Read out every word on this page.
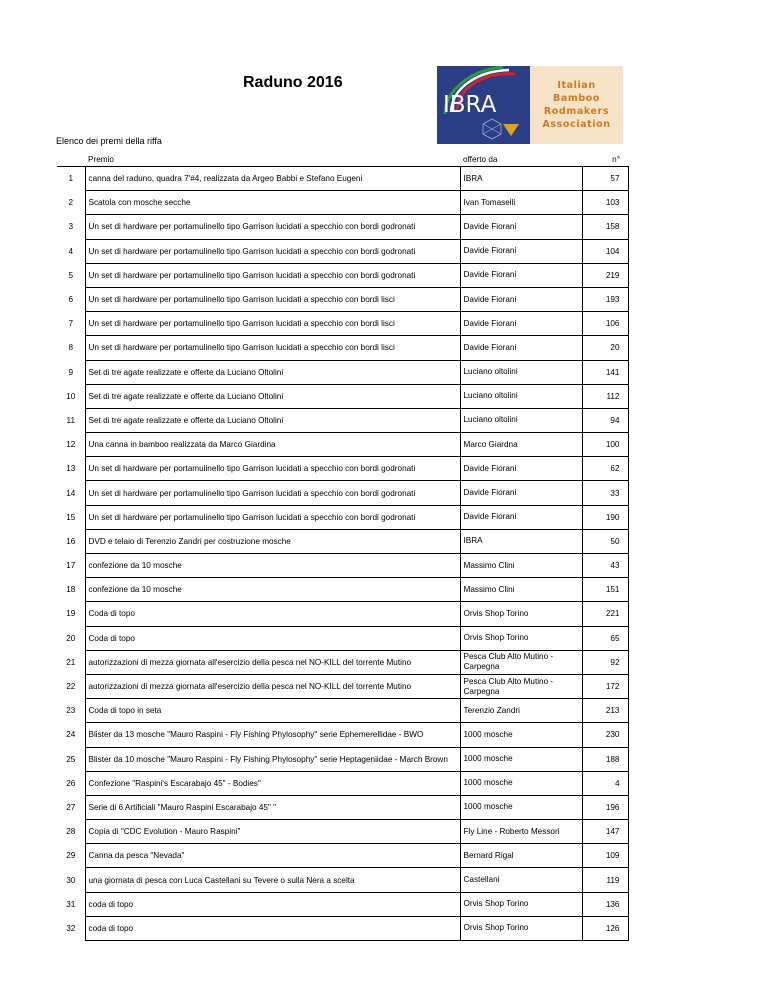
Raduno 2016
IBRA
Italian
Bamboo
Rodmakers
Association
Elenco dei premi della riffa
	Premio	offerto da	n°
1	canna del raduno, quadra 7'#4, realizzata da Argeo Babbi e Stefano Eugeni	IBRA	57
2	Scatola con mosche secche	Ivan Tomaselli	103
3	Un set di hardware per portamulinello tipo Garrison lucidati a specchio con bordi godronati	Davide Fiorani	158
4	Un set di hardware per portamulinello tipo Garrison lucidati a specchio con bordi godronati	Davide Fiorani	104
5	Un set di hardware per portamulinello tipo Garrison lucidati a specchio con bordi godronati	Davide Fiorani	219
6	Un set di hardware per portamulinello tipo Garrison lucidati a specchio con bordi lisci	Davide Fiorani	193
7	Un set di hardware per portamulinello tipo Garrison lucidati a specchio con bordi lisci	Davide Fiorani	106
8	Un set di hardware per portamulinello tipo Garrison lucidati a specchio con bordi lisci	Davide Fiorani	20
9	Set di tre agate realizzate e offerte da Luciano Oltolini	Luciano oltolini	141
10	Set di tre agate realizzate e offerte da Luciano Oltolini	Luciano oltolini	112
11	Set di tre agate realizzate e offerte da Luciano Oltolini	Luciano oltolini	94
12	Una canna in bamboo realizzata da Marco Giardina	Marco Giardna	100
13	Un set di hardware per portamulinello tipo Garrison lucidati a specchio con bordi godronati	Davide Fiorani	62
14	Un set di hardware per portamulinello tipo Garrison lucidati a specchio con bordi godronati	Davide Fiorani	33
15	Un set di hardware per portamulinello tipo Garrison lucidati a specchio con bordi godronati	Davide Fiorani	190
16	DVD e telaio di Terenzio Zandri per costruzione mosche	IBRA	50
17	confezione da 10 mosche	Massimo Clini	43
18	confezione da 10 mosche	Massimo Clini	151
19	Coda di topo	Orvis Shop Torino	221
20	Coda di topo	Orvis Shop Torino	65
21	autorizzazioni di mezza giornata all'esercizio della pesca nel NO-KILL del torrente Mutino	Pesca Club Alto Mutino - Carpegna	92
22	autorizzazioni di mezza giornata all'esercizio della pesca nel NO-KILL del torrente Mutino	Pesca Club Alto Mutino - Carpegna	172
23	Coda di topo in seta	Terenzio Zandri	213
24	Blister da 13 mosche "Mauro Raspini - Fly Fishing Phylosophy" serie Ephemerellidae - BWO	1000 mosche	230
25	Blister da 10 mosche "Mauro Raspini - Fly Fishing Phylosophy" serie Heptageniidae - March Brown	1000 mosche	188
26	Confezione "Raspini's Escarabajo 45" - Bodies"	1000 mosche	4
27	Serie di 6 Artificiali "Mauro Raspini Escarabajo 45" "	1000 mosche	196
28	Copia di "CDC Evolution - Mauro Raspini"	Fly Line - Roberto Messori	147
29	Canna da pesca "Nevada"	Bernard Rigal	109
30	una giornata di pesca con Luca Castellani su Tevere o sulla Nera a scelta	Castellani	119
31	coda di topo	Orvis Shop Torino	136
32	coda di topo	Orvis Shop Torino	126
